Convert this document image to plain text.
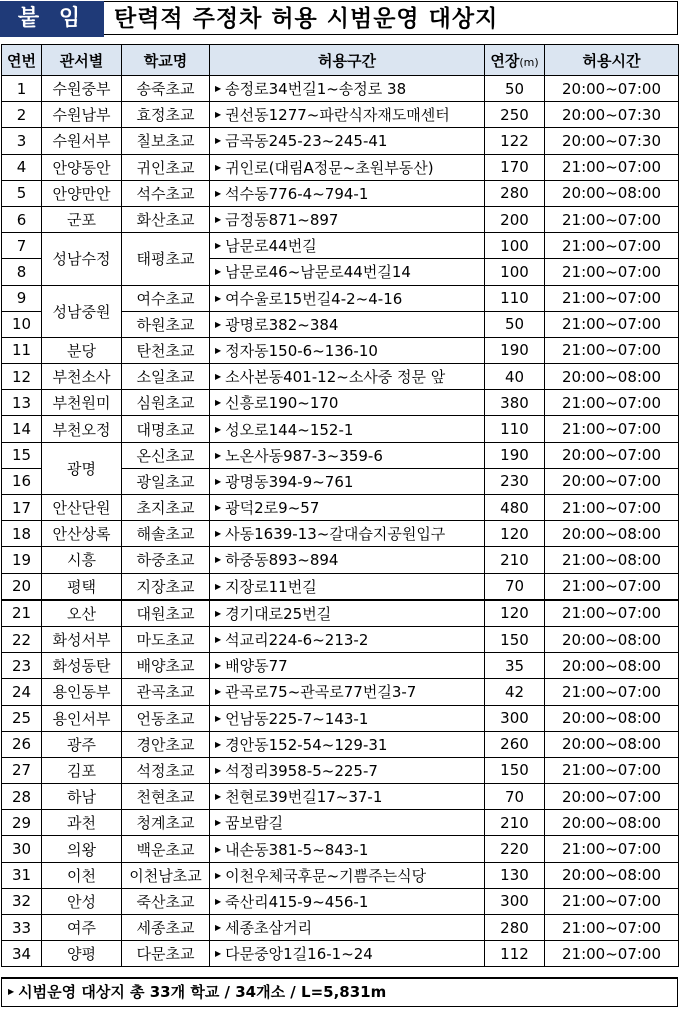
붙 임	탄력적 주정차 허용 시범운영 대상지
연번	관서별	학교명	허용구간	연장(m)	허용시간
1	수원중부	송죽초교	▶ 송정로34번길1~송정로 38	50	20:00~07:00
2	수원남부	효정초교	▶ 권선동1277~파란식자재도매센터	250	20:00~07:30
3	수원서부	칠보초교	▶ 금곡동245-23~245-41	122	20:00~07:30
4	안양동안	귀인초교	▶ 귀인로(대림A정문~초원부동산)	170	21:00~07:00
5	안양만안	석수초교	▶ 석수동776-4~794-1	280	20:00~08:00
6	군포	화산초교	▶ 금정동871~897	200	21:00~07:00
7	성남수정	태평초교	▶ 남문로44번길	100	21:00~07:00
8			▶ 남문로46~남문로44번길14	100	21:00~07:00
9	성남중원	여수초교	▶ 여수울로15번길4-2~4-16	110	21:00~07:00
10		하원초교	▶ 광명로382~384	50	21:00~07:00
11	분당	탄천초교	▶ 정자동150-6~136-10	190	21:00~07:00
12	부천소사	소일초교	▶ 소사본동401-12~소사중 정문 앞	40	20:00~08:00
13	부천원미	심원초교	▶ 신흥로190~170	380	21:00~07:00
14	부천오정	대명초교	▶ 성오로144~152-1	110	21:00~07:00
15	광명	온신초교	▶ 노온사동987-3~359-6	190	20:00~07:00
16		광일초교	▶ 광명동394-9~761	230	20:00~07:00
17	안산단원	초지초교	▶ 광덕2로9~57	480	21:00~07:00
18	안산상록	해솔초교	▶ 사동1639-13~갈대습지공원입구	120	20:00~08:00
19	시흥	하중초교	▶ 하중동893~894	210	21:00~08:00
20	평택	지장초교	▶ 지장로11번길	70	21:00~07:00
21	오산	대원초교	▶ 경기대로25번길	120	21:00~07:00
22	화성서부	마도초교	▶ 석교리224-6~213-2	150	20:00~08:00
23	화성동탄	배양초교	▶ 배양동77	35	20:00~08:00
24	용인동부	관곡초교	▶ 관곡로75~관곡로77번길3-7	42	21:00~07:00
25	용인서부	언동초교	▶ 언남동225-7~143-1	300	20:00~08:00
26	광주	경안초교	▶ 경안동152-54~129-31	260	20:00~08:00
27	김포	석정초교	▶ 석정리3958-5~225-7	150	21:00~07:00
28	하남	천현초교	▶ 천현로39번길17~37-1	70	20:00~07:00
29	과천	청계초교	▶ 꿈보람길	210	20:00~08:00
30	의왕	백운초교	▶ 내손동381-5~843-1	220	21:00~07:00
31	이천	이천남초교	▶ 이천우체국후문~기쁨주는식당	130	20:00~08:00
32	안성	죽산초교	▶ 죽산리415-9~456-1	300	21:00~07:00
33	여주	세종초교	▶ 세종초삼거리	280	21:00~07:00
34	양평	다문초교	▶ 다문중앙1길16-1~24	112	21:00~07:00
▶ 시범운영 대상지 총 33개 학교 / 34개소 / L=5,831m
